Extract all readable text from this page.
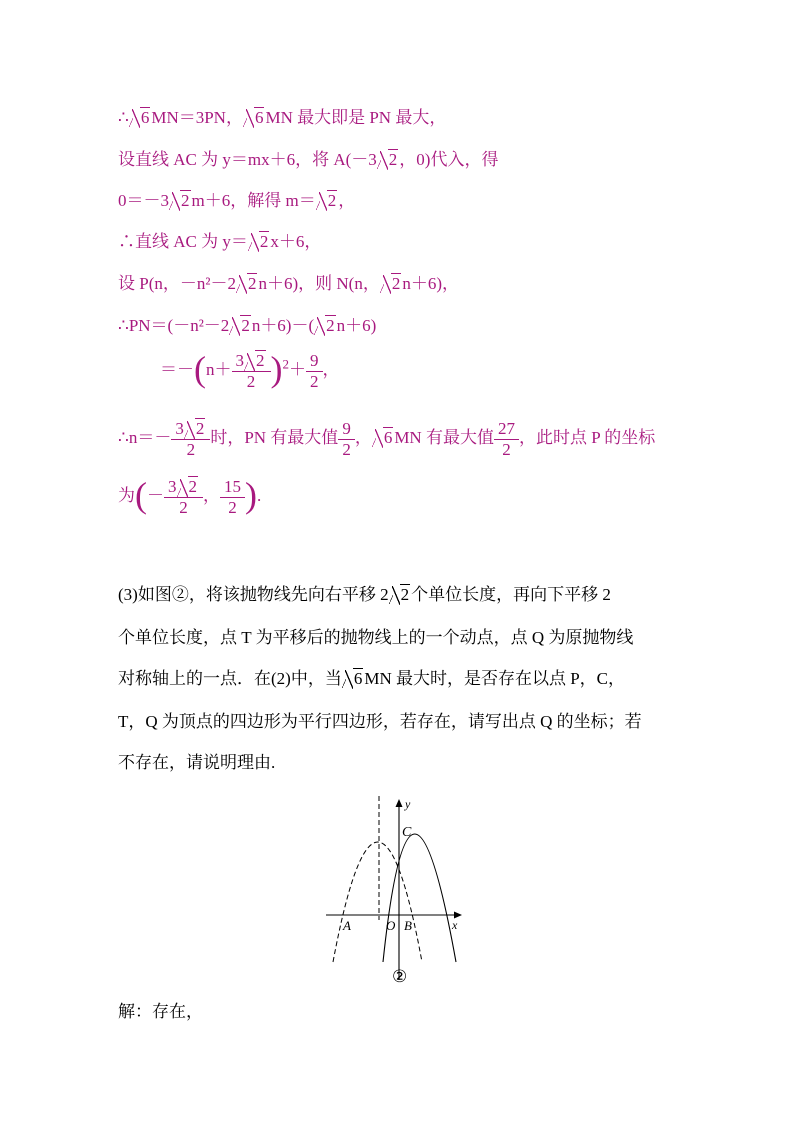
∴ 6 MN＝3PN， 6 MN 最大即是 PN 最大，
设直线 AC 为 y＝mx＋6，将 A(－3 2 ，0)代入，得
0＝－3 2 m＋6，解得 m＝ 2 ，
∴直线 AC 为 y＝ 2 x＋6，
设 P(n，－n²－2 2 n＋6)，则 N(n， 2 n＋6)，
∴PN＝(－n²－2 2 n＋6)－( 2 n＋6)
$=-(n+ \frac{3 2}{2} )^2+ \frac{9}{2}$ ，
∴n＝－ $\frac{3 2}{2}$ 时，PN 有最大值 $\frac{9}{2}$ ， 6 MN 有最大值 $\frac{27}{2}$ ，此时点 P 的坐标
为(－ $\frac{3 2}{2}$ ， $\frac{15}{2}$ ).
(3)如图②，将该抛物线先向右平移 2 2 个单位长度，再向下平移 2
个单位长度，点 T 为平移后的抛物线上的一个动点，点 Q 为原抛物线
对称轴上的一点．在(2)中，当 6 MN 最大时，是否存在以点 P，C，
T，Q 为顶点的四边形为平行四边形，若存在，请写出点 Q 的坐标；若
不存在，请说明理由.
y
C
A	O B	x
②
解：存在，
